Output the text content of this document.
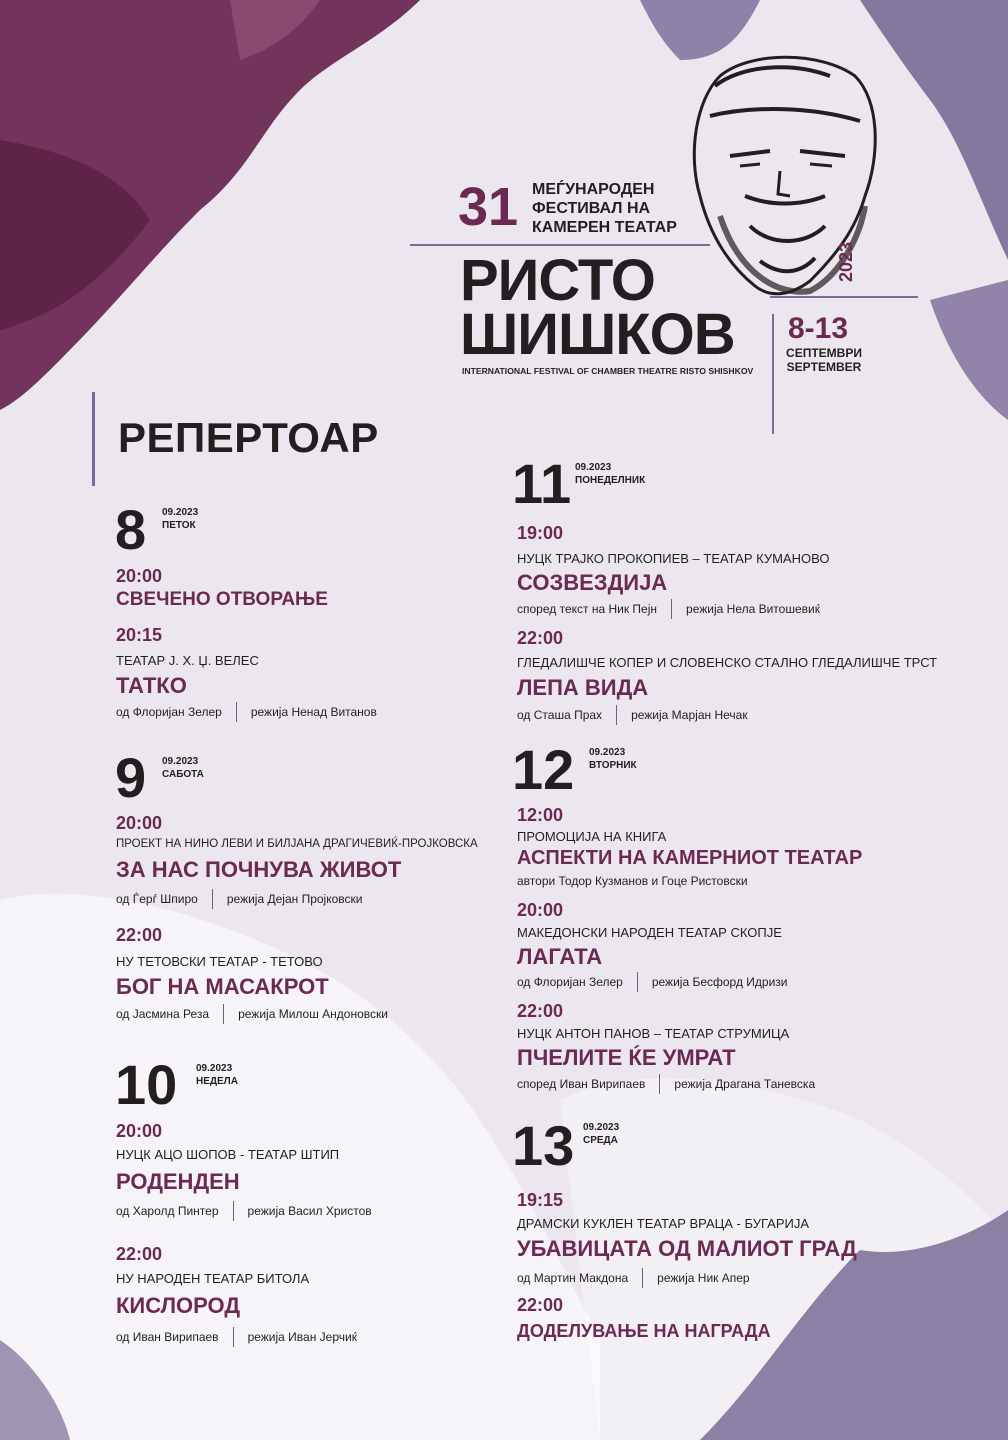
31 МЕЃУНАРОДЕН
ФЕСТИВАЛ НА
КАМЕРЕН ТЕАТАР
РИСТО
ШИШКОВ
INTERNATIONAL FESTIVAL OF CHAMBER THEATRE RISTO SHISHKOV
8-13
СЕПТЕМВРИ
SEPTEMBER
2023
РЕПЕРТОАР
8 09.2023
ПЕТОК
20:00
СВЕЧЕНО ОТВОРАЊЕ
20:15
ТЕАТАР Ј. Х. Џ. ВЕЛЕС
ТАТКО
од Флоријан Зелер режија Ненад Витанов
9 09.2023
САБОТА
20:00
ПРОЕКТ НА НИНО ЛЕВИ И БИЛЈАНА ДРАГИЧЕВИЌ-ПРОЈКОВСКА
ЗА НАС ПОЧНУВА ЖИВОТ
од Ѓерѓ Шпиро режија Дејан Пројковски
22:00
НУ ТЕТОВСКИ ТЕАТАР - ТЕТОВО
БОГ НА МАСАКРОТ
од Јасмина Реза режија Милош Андоновски
10 09.2023
НЕДЕЛА
20:00
НУЦК АЦО ШОПОВ - ТЕАТАР ШТИП
РОДЕНДЕН
од Харолд Пинтер режија Васил Христов
22:00
НУ НАРОДЕН ТЕАТАР БИТОЛА
КИСЛОРОД
од Иван Вирипаев режија Иван Јерчиќ
11 09.2023
ПОНЕДЕЛНИК
19:00
НУЦК ТРАЈКО ПРОКОПИЕВ – ТЕАТАР КУМАНОВО
СОЗВЕЗДИЈА
според текст на Ник Пејн режија Нела Витошевиќ
22:00
ГЛЕДАЛИШЧЕ КОПЕР И СЛОВЕНСКО СТАЛНО ГЛЕДАЛИШЧЕ ТРСТ
ЛЕПА ВИДА
од Сташа Прах режија Марјан Нечак
12 09.2023
ВТОРНИК
12:00
ПРОМОЦИЈА НА КНИГА
АСПЕКТИ НА КАМЕРНИОТ ТЕАТАР
автори Тодор Кузманов и Гоце Ристовски
20:00
МАКЕДОНСКИ НАРОДЕН ТЕАТАР СКОПЈЕ
ЛАГАТА
од Флоријан Зелер режија Бесфорд Идризи
22:00
НУЦК АНТОН ПАНОВ – ТЕАТАР СТРУМИЦА
ПЧЕЛИТЕ ЌЕ УМРАТ
според Иван Вирипаев режија Драгана Таневска
13 09.2023
СРЕДА
19:15
ДРАМСКИ КУКЛЕН ТЕАТАР ВРАЦА - БУГАРИЈА
УБАВИЦАТА ОД МАЛИОТ ГРАД
од Мартин Макдона режија Ник Апер
22:00
ДОДЕЛУВАЊЕ НА НАГРАДА
